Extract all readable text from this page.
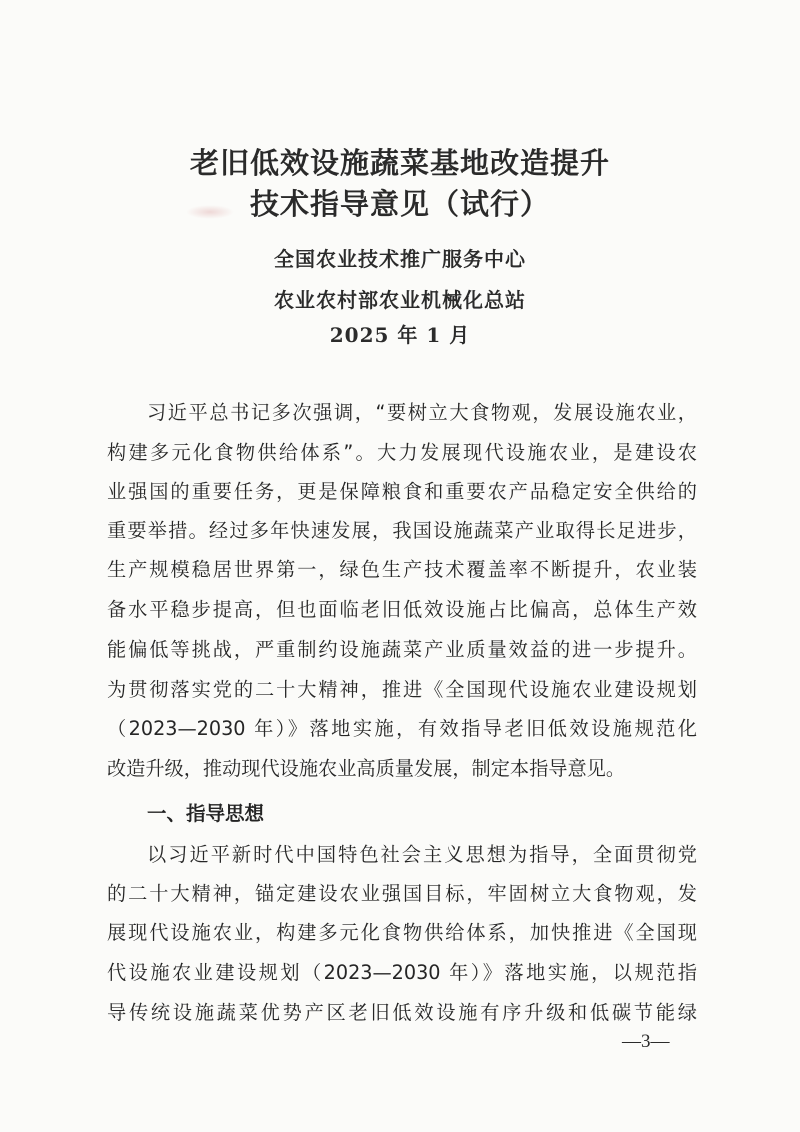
老旧低效设施蔬菜基地改造提升
技术指导意见（试行）
全国农业技术推广服务中心
农业农村部农业机械化总站
2025 年 1 月
习近平总书记多次强调，“要树立大食物观，发展设施农业，
构建多元化食物供给体系”。大力发展现代设施农业，是建设农
业强国的重要任务，更是保障粮食和重要农产品稳定安全供给的
重要举措。经过多年快速发展，我国设施蔬菜产业取得长足进步，
生产规模稳居世界第一，绿色生产技术覆盖率不断提升，农业装
备水平稳步提高，但也面临老旧低效设施占比偏高，总体生产效
能偏低等挑战，严重制约设施蔬菜产业质量效益的进一步提升。
为贯彻落实党的二十大精神，推进《全国现代设施农业建设规划
（2023—2030 年）》落地实施，有效指导老旧低效设施规范化
改造升级，推动现代设施农业高质量发展，制定本指导意见。
一、指导思想
以习近平新时代中国特色社会主义思想为指导，全面贯彻党
的二十大精神，锚定建设农业强国目标，牢固树立大食物观，发
展现代设施农业，构建多元化食物供给体系，加快推进《全国现
代设施农业建设规划（2023—2030 年）》落地实施，以规范指
导传统设施蔬菜优势产区老旧低效设施有序升级和低碳节能绿
—3—
